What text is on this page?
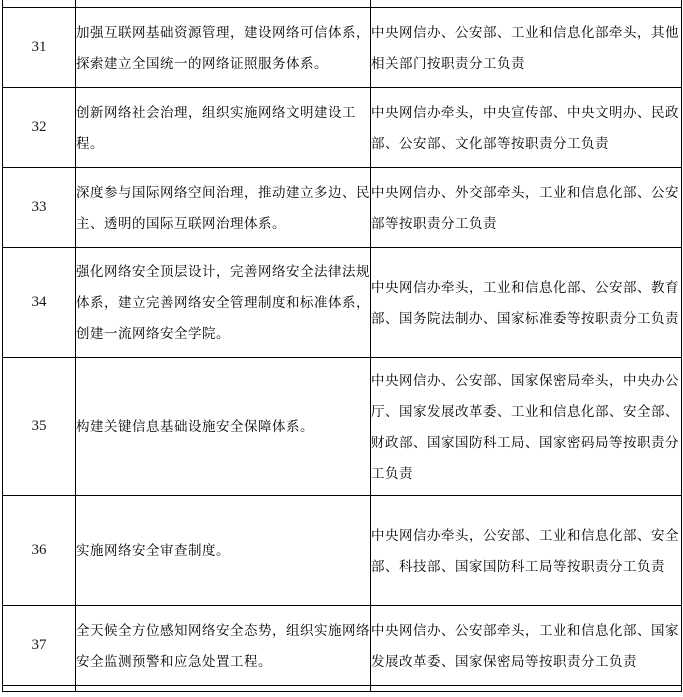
31	加强互联网基础资源管理，建设网络可信体系，探索建立全国统一的网络证照服务体系。	中央网信办、公安部、工业和信息化部牵头，其他相关部门按职责分工负责
32	创新网络社会治理，组织实施网络文明建设工程。	中央网信办牵头，中央宣传部、中央文明办、民政部、公安部、文化部等按职责分工负责
33	深度参与国际网络空间治理，推动建立多边、民主、透明的国际互联网治理体系。	中央网信办、外交部牵头，工业和信息化部、公安部等按职责分工负责
34	强化网络安全顶层设计，完善网络安全法律法规体系，建立完善网络安全管理制度和标准体系，创建一流网络安全学院。	中央网信办牵头，工业和信息化部、公安部、教育部、国务院法制办、国家标准委等按职责分工负责
35	构建关键信息基础设施安全保障体系。	中央网信办、公安部、国家保密局牵头，中央办公厅、国家发展改革委、工业和信息化部、安全部、财政部、国家国防科工局、国家密码局等按职责分工负责
36	实施网络安全审查制度。	中央网信办牵头，公安部、工业和信息化部、安全部、科技部、国家国防科工局等按职责分工负责
37	全天候全方位感知网络安全态势，组织实施网络安全监测预警和应急处置工程。	中央网信办、公安部牵头，工业和信息化部、国家发展改革委、国家保密局等按职责分工负责
